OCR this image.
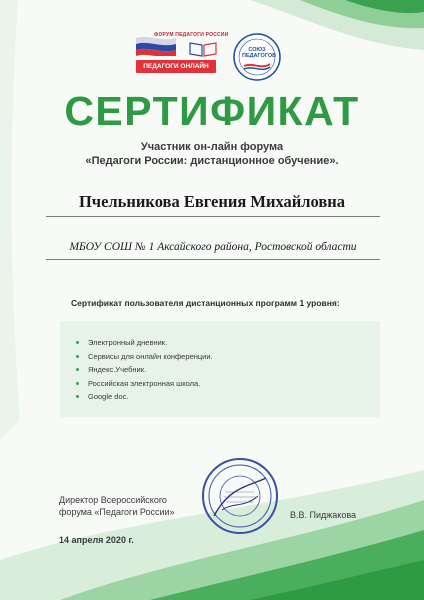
ФОРУМ ПЕДАГОГИ РОССИИ
ПЕДАГОГИ ОНЛАЙН
СОЮЗ ПЕДАГОГОВ
СЕРТИФИКАТ
Участник он-лайн форума
«Педагоги России: дистанционное обучение».
Пчельникова Евгения Михайловна
МБОУ СОШ № 1 Аксайского района, Ростовской области
Сертификат пользователя дистанционных программ 1 уровня:
Электронный дневник.
Сервисы для онлайн конференции.
Яндекс.Учебник.
Российская электронная школа.
Google doc.
Директор Всероссийского
форума «Педагоги России»	В.В. Пиджакова
14 апреля 2020 г.
